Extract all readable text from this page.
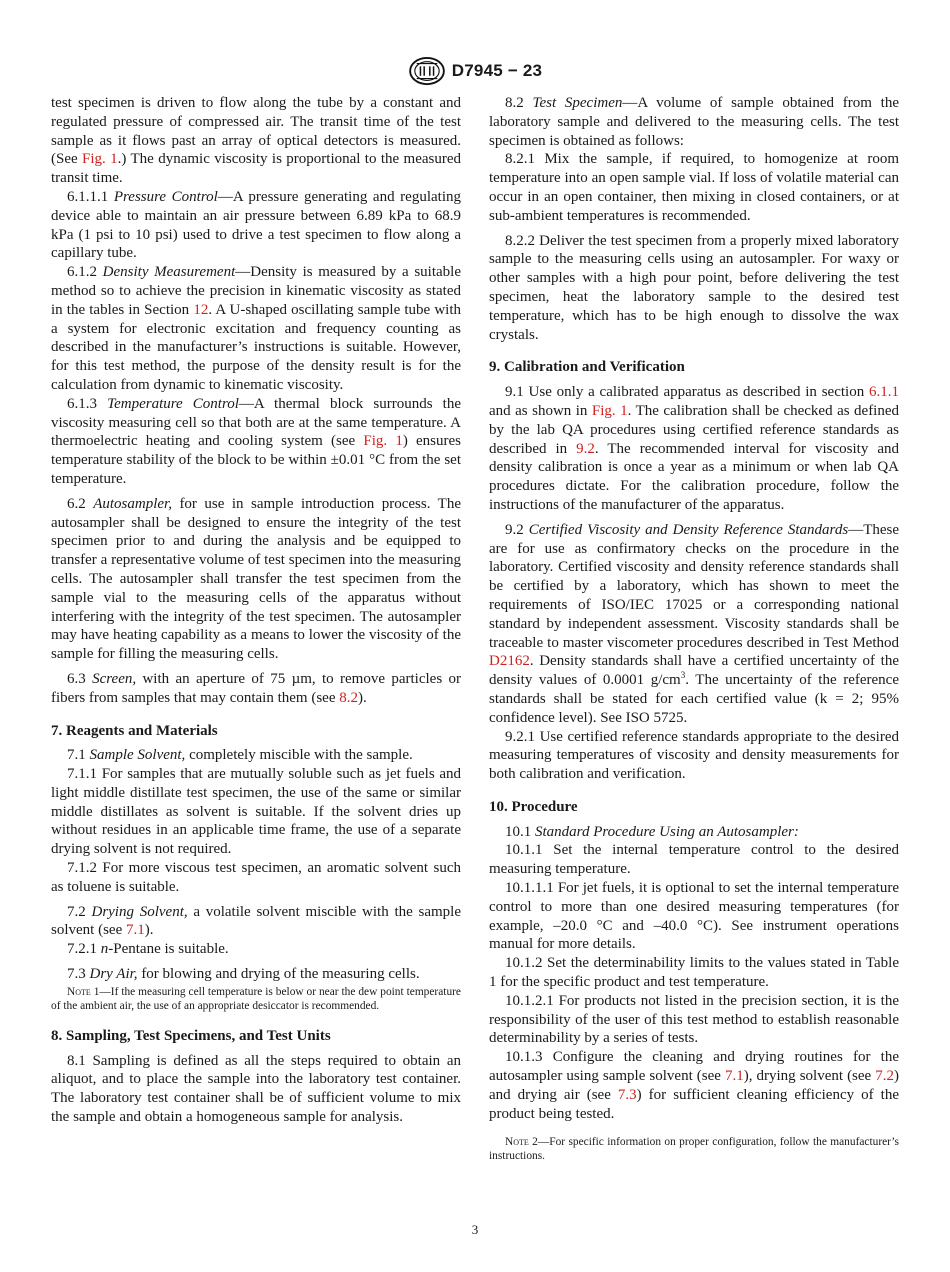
D7945 − 23

test specimen is driven to flow along the tube by a constant and regulated pressure of compressed air. The transit time of the test sample as it flows past an array of optical detectors is measured. (See Fig. 1.) The dynamic viscosity is proportional to the measured transit time.

6.1.1.1 Pressure Control—A pressure generating and regulating device able to maintain an air pressure between 6.89 kPa to 68.9 kPa (1 psi to 10 psi) used to drive a test specimen to flow along a capillary tube.

6.1.2 Density Measurement—Density is measured by a suitable method so to achieve the precision in kinematic viscosity as stated in the tables in Section 12. A U-shaped oscillating sample tube with a system for electronic excitation and frequency counting as described in the manufacturer’s instructions is suitable. However, for this test method, the purpose of the density result is for the calculation from dynamic to kinematic viscosity.

6.1.3 Temperature Control—A thermal block surrounds the viscosity measuring cell so that both are at the same temperature. A thermoelectric heating and cooling system (see Fig. 1) ensures temperature stability of the block to be within ±0.01 °C from the set temperature.

6.2 Autosampler, for use in sample introduction process. The autosampler shall be designed to ensure the integrity of the test specimen prior to and during the analysis and be equipped to transfer a representative volume of test specimen into the measuring cells. The autosampler shall transfer the test specimen from the sample vial to the measuring cells of the apparatus without interfering with the integrity of the test specimen. The autosampler may have heating capability as a means to lower the viscosity of the sample for filling the measuring cells.

6.3 Screen, with an aperture of 75 µm, to remove particles or fibers from samples that may contain them (see 8.2).

7. Reagents and Materials

7.1 Sample Solvent, completely miscible with the sample.

7.1.1 For samples that are mutually soluble such as jet fuels and light middle distillate test specimen, the use of the same or similar middle distillates as solvent is suitable. If the solvent dries up without residues in an applicable time frame, the use of a separate drying solvent is not required.

7.1.2 For more viscous test specimen, an aromatic solvent such as toluene is suitable.

7.2 Drying Solvent, a volatile solvent miscible with the sample solvent (see 7.1).

7.2.1 n-Pentane is suitable.

7.3 Dry Air, for blowing and drying of the measuring cells.

Note 1—If the measuring cell temperature is below or near the dew point temperature of the ambient air, the use of an appropriate desiccator is recommended.

8. Sampling, Test Specimens, and Test Units

8.1 Sampling is defined as all the steps required to obtain an aliquot, and to place the sample into the laboratory test container. The laboratory test container shall be of sufficient volume to mix the sample and obtain a homogeneous sample for analysis.

8.2 Test Specimen—A volume of sample obtained from the laboratory sample and delivered to the measuring cells. The test specimen is obtained as follows:

8.2.1 Mix the sample, if required, to homogenize at room temperature into an open sample vial. If loss of volatile material can occur in an open container, then mixing in closed containers, or at sub-ambient temperatures is recommended.

8.2.2 Deliver the test specimen from a properly mixed laboratory sample to the measuring cells using an autosampler. For waxy or other samples with a high pour point, before delivering the test specimen, heat the laboratory sample to the desired test temperature, which has to be high enough to dissolve the wax crystals.

9. Calibration and Verification

9.1 Use only a calibrated apparatus as described in section 6.1.1 and as shown in Fig. 1. The calibration shall be checked as defined by the lab QA procedures using certified reference standards as described in 9.2. The recommended interval for viscosity and density calibration is once a year as a minimum or when lab QA procedures dictate. For the calibration procedure, follow the instructions of the manufacturer of the apparatus.

9.2 Certified Viscosity and Density Reference Standards—These are for use as confirmatory checks on the procedure in the laboratory. Certified viscosity and density reference standards shall be certified by a laboratory, which has shown to meet the requirements of ISO/IEC 17025 or a corresponding national standard by independent assessment. Viscosity standards shall be traceable to master viscometer procedures described in Test Method D2162. Density standards shall have a certified uncertainty of the density values of 0.0001 $g/cm^3$. The uncertainty of the reference standards shall be stated for each certified value (k = 2; 95% confidence level). See ISO 5725.

9.2.1 Use certified reference standards appropriate to the desired measuring temperatures of viscosity and density measurements for both calibration and verification.

10. Procedure

10.1 Standard Procedure Using an Autosampler:

10.1.1 Set the internal temperature control to the desired measuring temperature.

10.1.1.1 For jet fuels, it is optional to set the internal temperature control to more than one desired measuring temperatures (for example, –20.0 °C and –40.0 °C). See instrument operations manual for more details.

10.1.2 Set the determinability limits to the values stated in Table 1 for the specific product and test temperature.

10.1.2.1 For products not listed in the precision section, it is the responsibility of the user of this test method to establish reasonable determinability by a series of tests.

10.1.3 Configure the cleaning and drying routines for the autosampler using sample solvent (see 7.1), drying solvent (see 7.2) and drying air (see 7.3) for sufficient cleaning efficiency of the product being tested.

Note 2—For specific information on proper configuration, follow the manufacturer’s instructions.

3
